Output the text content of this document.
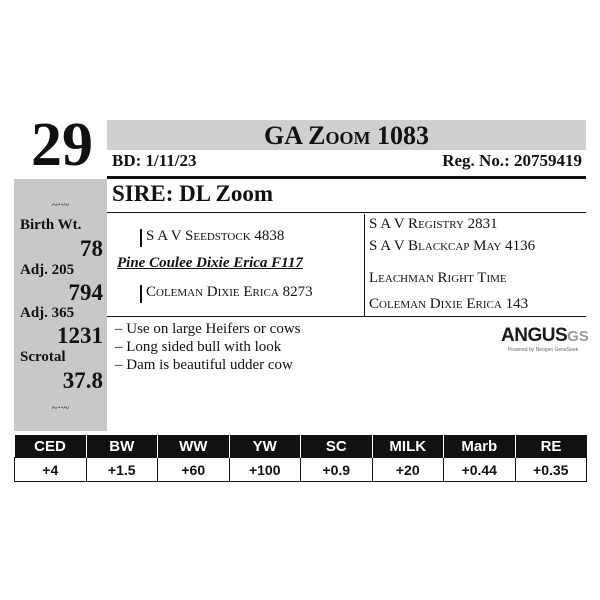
29	GA Zoom 1083
BD: 1/11/23	Reg. No.: 20759419
SIRE: DL Zoom
~∙∙~
Birth Wt.
78
Adj. 205
794
Adj. 365
1231
Scrotal
37.8
~∙∙~
S A V Seedstock 4838
Pine Coulee Dixie Erica F117
Coleman Dixie Erica 8273
S A V Registry 2831
S A V Blackcap May 4136
Leachman Right Time
Coleman Dixie Erica 143
– Use on large Heifers or cows
– Long sided bull with look
– Dam is beautiful udder cow
ANGUSGS
Powered by Neogen GeneSeek
CED	BW	WW	YW	SC	MILK	Marb	RE
+4	+1.5	+60	+100	+0.9	+20	+0.44	+0.35
